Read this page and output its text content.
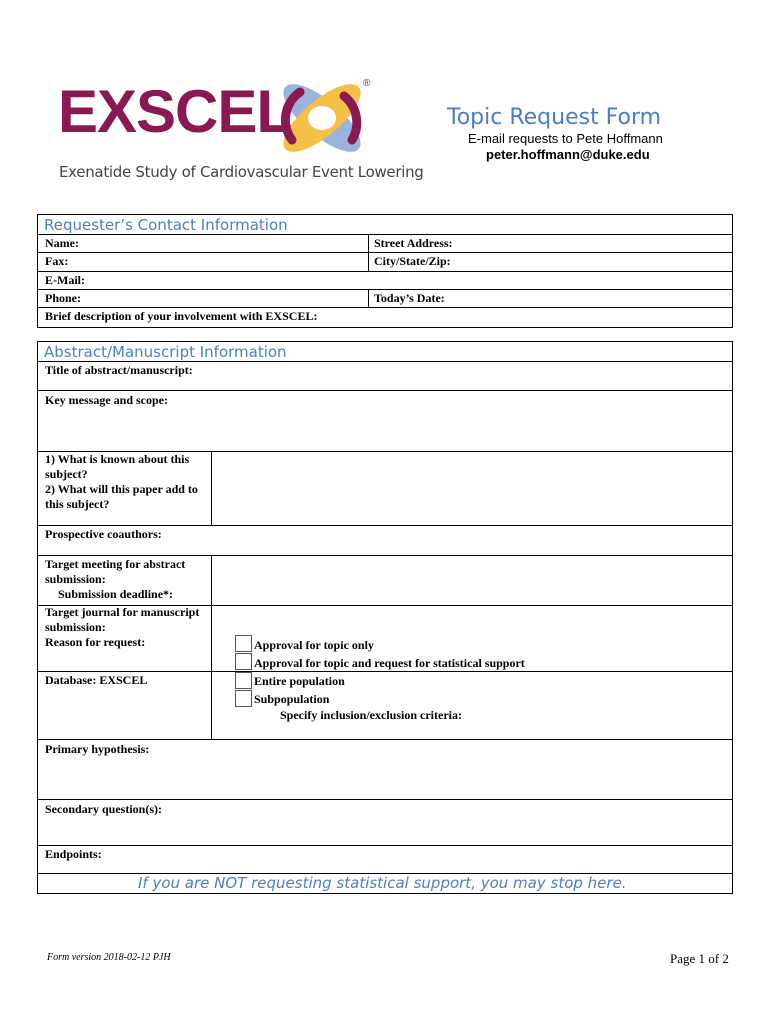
EXSCEL	®
Exenatide Study of Cardiovascular Event Lowering
Topic Request Form
E-mail requests to Pete Hoffmann
peter.hoffmann@duke.edu
Requester’s Contact Information
Name:	Street Address:
Fax:	City/State/Zip:
E-Mail:
Phone:	Today’s Date:
Brief description of your involvement with EXSCEL:
Abstract/Manuscript Information
Title of abstract/manuscript:
Key message and scope:
1) What is known about this
subject?
2) What will this paper add to
this subject?
Prospective coauthors:
Target meeting for abstract
submission:
Submission deadline*:
Target journal for manuscript
submission:
Reason for request:	Approval for topic only
Approval for topic and request for statistical support
Database: EXSCEL	Entire population
Subpopulation
Specify inclusion/exclusion criteria:
Primary hypothesis:
Secondary question(s):
Endpoints:
If you are NOT requesting statistical support, you may stop here.
Form version 2018-02-12 PJH	Page 1 of 2
